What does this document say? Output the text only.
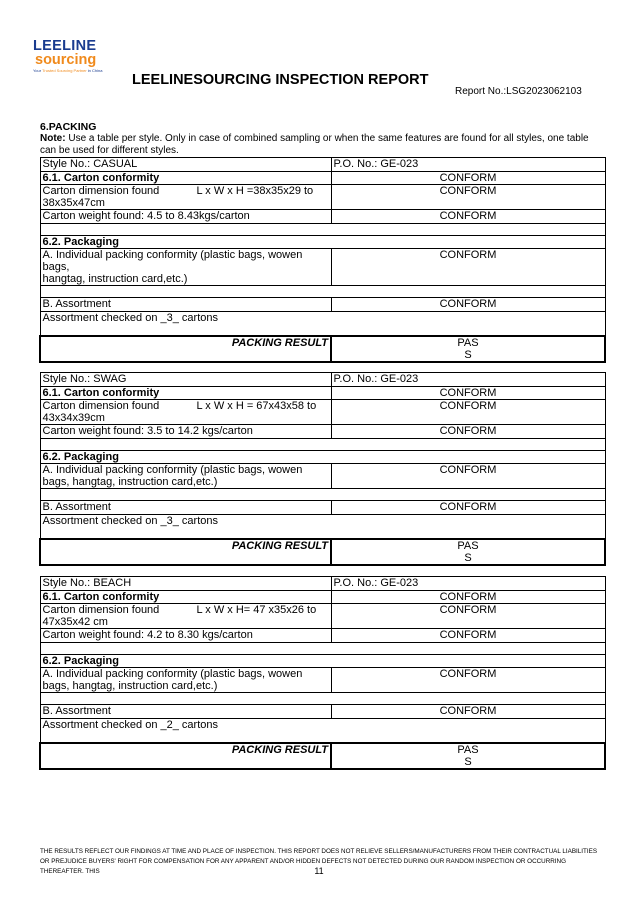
LEELINE
sourcing
Your Trusted Sourcing Partner in China
LEELINESOURCING INSPECTION REPORT
Report No.:LSG2023062103
6.PACKING
Note: Use a table per style. Only in case of combined sampling or when the same features are found for all styles, one table can be used for different styles.
Style No.: CASUAL	P.O. No.: GE-023
6.1. Carton conformity	CONFORM
Carton dimension found L x W x H =38x35x29 to

38x35x47cm	CONFORM
Carton weight found: 4.5 to 8.43kgs/carton	CONFORM

6.2. Packaging	
A. Individual packing conformity (plastic bags, wowen
bags,
hangtag, instruction card,etc.)	CONFORM

B. Assortment	CONFORM
Assortment checked on _3_ cartons	
PACKING RESULT	PAS
S
Style No.: SWAG	P.O. No.: GE-023
6.1. Carton conformity	CONFORM
Carton dimension found L x W x H = 67x43x58 to

43x34x39cm	CONFORM
Carton weight found: 3.5 to 14.2 kgs/carton	CONFORM

6.2. Packaging	
A. Individual packing conformity (plastic bags, wowen
bags, hangtag, instruction card,etc.)	CONFORM

B. Assortment	CONFORM
Assortment checked on _3_ cartons	
PACKING RESULT	PAS
S
Style No.: BEACH	P.O. No.: GE-023
6.1. Carton conformity	CONFORM
Carton dimension found L x W x H= 47 x35x26 to

47x35x42 cm	CONFORM
Carton weight found: 4.2 to 8.30 kgs/carton	CONFORM

6.2. Packaging	
A. Individual packing conformity (plastic bags, wowen
bags, hangtag, instruction card,etc.)	CONFORM

B. Assortment	CONFORM
Assortment checked on _2_ cartons	
PACKING RESULT	PAS
S
THE RESULTS REFLECT OUR FINDINGS AT TIME AND PLACE OF INSPECTION. THIS REPORT DOES NOT RELIEVE SELLERS/MANUFACTURERS FROM THEIR CONTRACTUAL LIABILITIES OR PREJUDICE BUYERS' RIGHT FOR COMPENSATION FOR ANY APPARENT AND/OR HIDDEN DEFECTS NOT DETECTED DURING OUR RANDOM INSPECTION OR OCCURRING THEREAFTER. THIS	11
